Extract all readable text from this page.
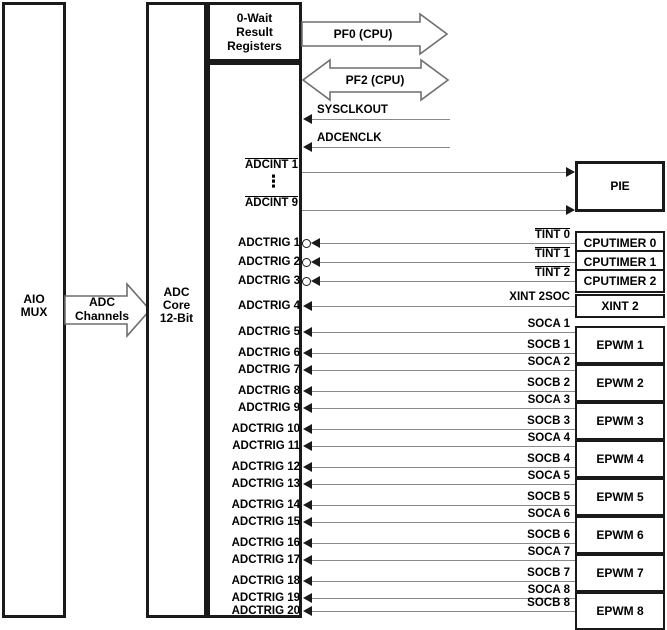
AIO
MUX
ADC
Channels
ADC
Core
12-Bit
0-Wait
Result
Registers
PF0 (CPU)
PF2 (CPU)
SYSCLKOUT
ADCENCLK
ADCINT 1
⋮
ADCINT 9
PIE
ADCTRIG 1
TINT 0
CPUTIMER 0
ADCTRIG 2
TINT 1
CPUTIMER 1
ADCTRIG 3
TINT 2
CPUTIMER 2
ADCTRIG 4
XINT 2SOC
XINT 2
EPWM 1
ADCTRIG 5
SOCA 1
ADCTRIG 6
SOCB 1
EPWM 2
ADCTRIG 7
SOCA 2
ADCTRIG 8
SOCB 2
EPWM 3
ADCTRIG 9
SOCA 3
ADCTRIG 10
SOCB 3
EPWM 4
ADCTRIG 11
SOCA 4
ADCTRIG 12
SOCB 4
EPWM 5
ADCTRIG 13
SOCA 5
ADCTRIG 14
SOCB 5
EPWM 6
ADCTRIG 15
SOCA 6
ADCTRIG 16
SOCB 6
EPWM 7
ADCTRIG 17
SOCA 7
ADCTRIG 18
SOCB 7
EPWM 8
ADCTRIG 19
SOCA 8
ADCTRIG 20
SOCB 8
